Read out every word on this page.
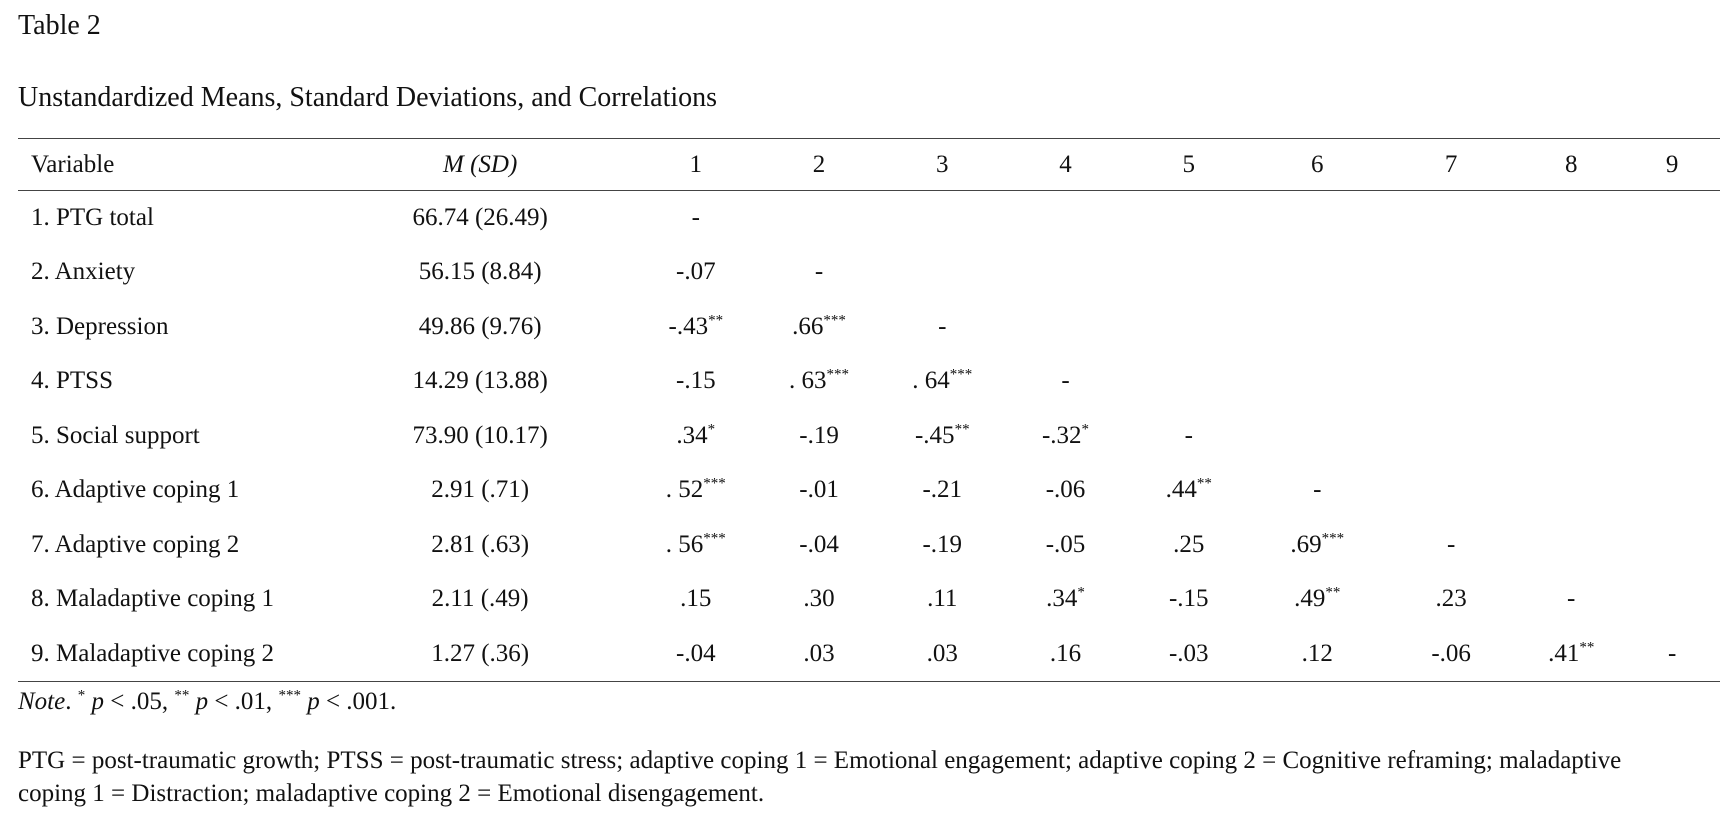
Table 2

Unstandardized Means, Standard Deviations, and Correlations

Variable	M (SD)	1	2	3	4	5	6	7	8	9
1. PTG total	66.74 (26.49)	-								
2. Anxiety	56.15 (8.84)	-.07	-							
3. Depression	49.86 (9.76)	-.43**	.66***	-						
4. PTSS	14.29 (13.88)	-.15	. 63***	. 64***	-					
5. Social support	73.90 (10.17)	.34*	-.19	-.45**	-.32*	-				
6. Adaptive coping 1	2.91 (.71)	. 52***	-.01	-.21	-.06	.44**	-			
7. Adaptive coping 2	2.81 (.63)	. 56***	-.04	-.19	-.05	.25	.69***	-		
8. Maladaptive coping 1	2.11 (.49)	.15	.30	.11	.34*	-.15	.49**	.23	-	
9. Maladaptive coping 2	1.27 (.36)	-.04	.03	.03	.16	-.03	.12	-.06	.41**	-

Note. * p < .05, ** p < .01, *** p < .001.

PTG = post-traumatic growth; PTSS = post-traumatic stress; adaptive coping 1 = Emotional engagement; adaptive coping 2 = Cognitive reframing; maladaptive coping 1 = Distraction; maladaptive coping 2 = Emotional disengagement.
